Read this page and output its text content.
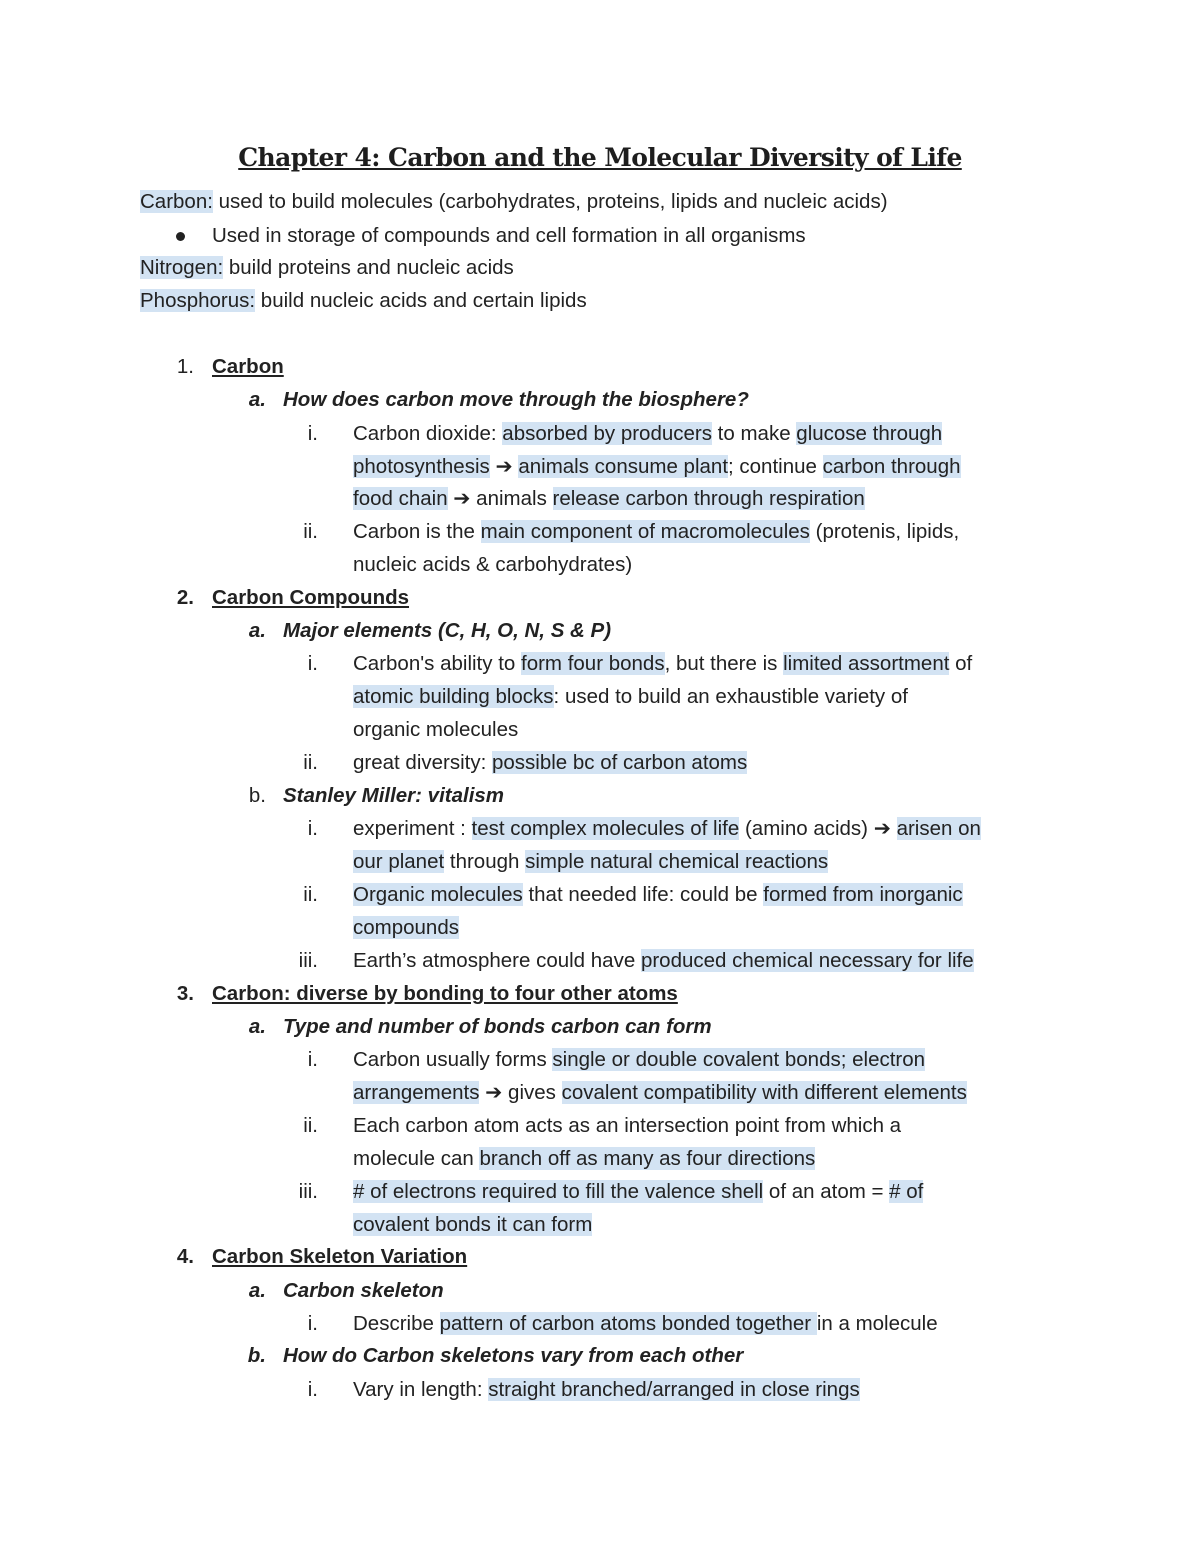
Chapter 4: Carbon and the Molecular Diversity of Life
Carbon: used to build molecules (carbohydrates, proteins, lipids and nucleic acids)
Used in storage of compounds and cell formation in all organisms
Nitrogen: build proteins and nucleic acids
Phosphorus: build nucleic acids and certain lipids
1. Carbon
a. How does carbon move through the biosphere?
i. Carbon dioxide: absorbed by producers to make glucose through
photosynthesis ➔ animals consume plant; continue carbon through
food chain ➔ animals release carbon through respiration
ii. Carbon is the main component of macromolecules (protenis, lipids,
nucleic acids & carbohydrates)
2. Carbon Compounds
a. Major elements (C, H, O, N, S & P)
i. Carbon's ability to form four bonds, but there is limited assortment of
atomic building blocks: used to build an exhaustible variety of
organic molecules
ii. great diversity: possible bc of carbon atoms
b. Stanley Miller: vitalism
i. experiment : test complex molecules of life (amino acids) ➔ arisen on
our planet through simple natural chemical reactions
ii. Organic molecules that needed life: could be formed from inorganic
compounds
iii. Earth’s atmosphere could have produced chemical necessary for life
3. Carbon: diverse by bonding to four other atoms
a. Type and number of bonds carbon can form
i. Carbon usually forms single or double covalent bonds; electron
arrangements ➔ gives covalent compatibility with different elements
ii. Each carbon atom acts as an intersection point from which a
molecule can branch off as many as four directions
iii. # of electrons required to fill the valence shell of an atom = # of
covalent bonds it can form
4. Carbon Skeleton Variation
a. Carbon skeleton
i. Describe pattern of carbon atoms bonded together in a molecule
b. How do Carbon skeletons vary from each other
i. Vary in length: straight branched/arranged in close rings
